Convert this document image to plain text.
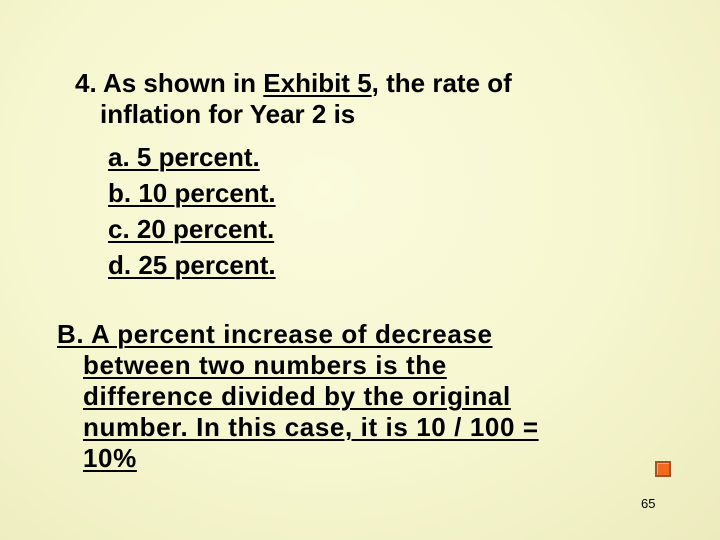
4. As shown in Exhibit 5, the rate of
inflation for Year 2 is
a. 5 percent.
b. 10 percent.
c. 20 percent.
d. 25 percent.
B. A percent increase of decrease
between two numbers is the
difference divided by the original
number. In this case, it is 10 / 100 =
10%
65
